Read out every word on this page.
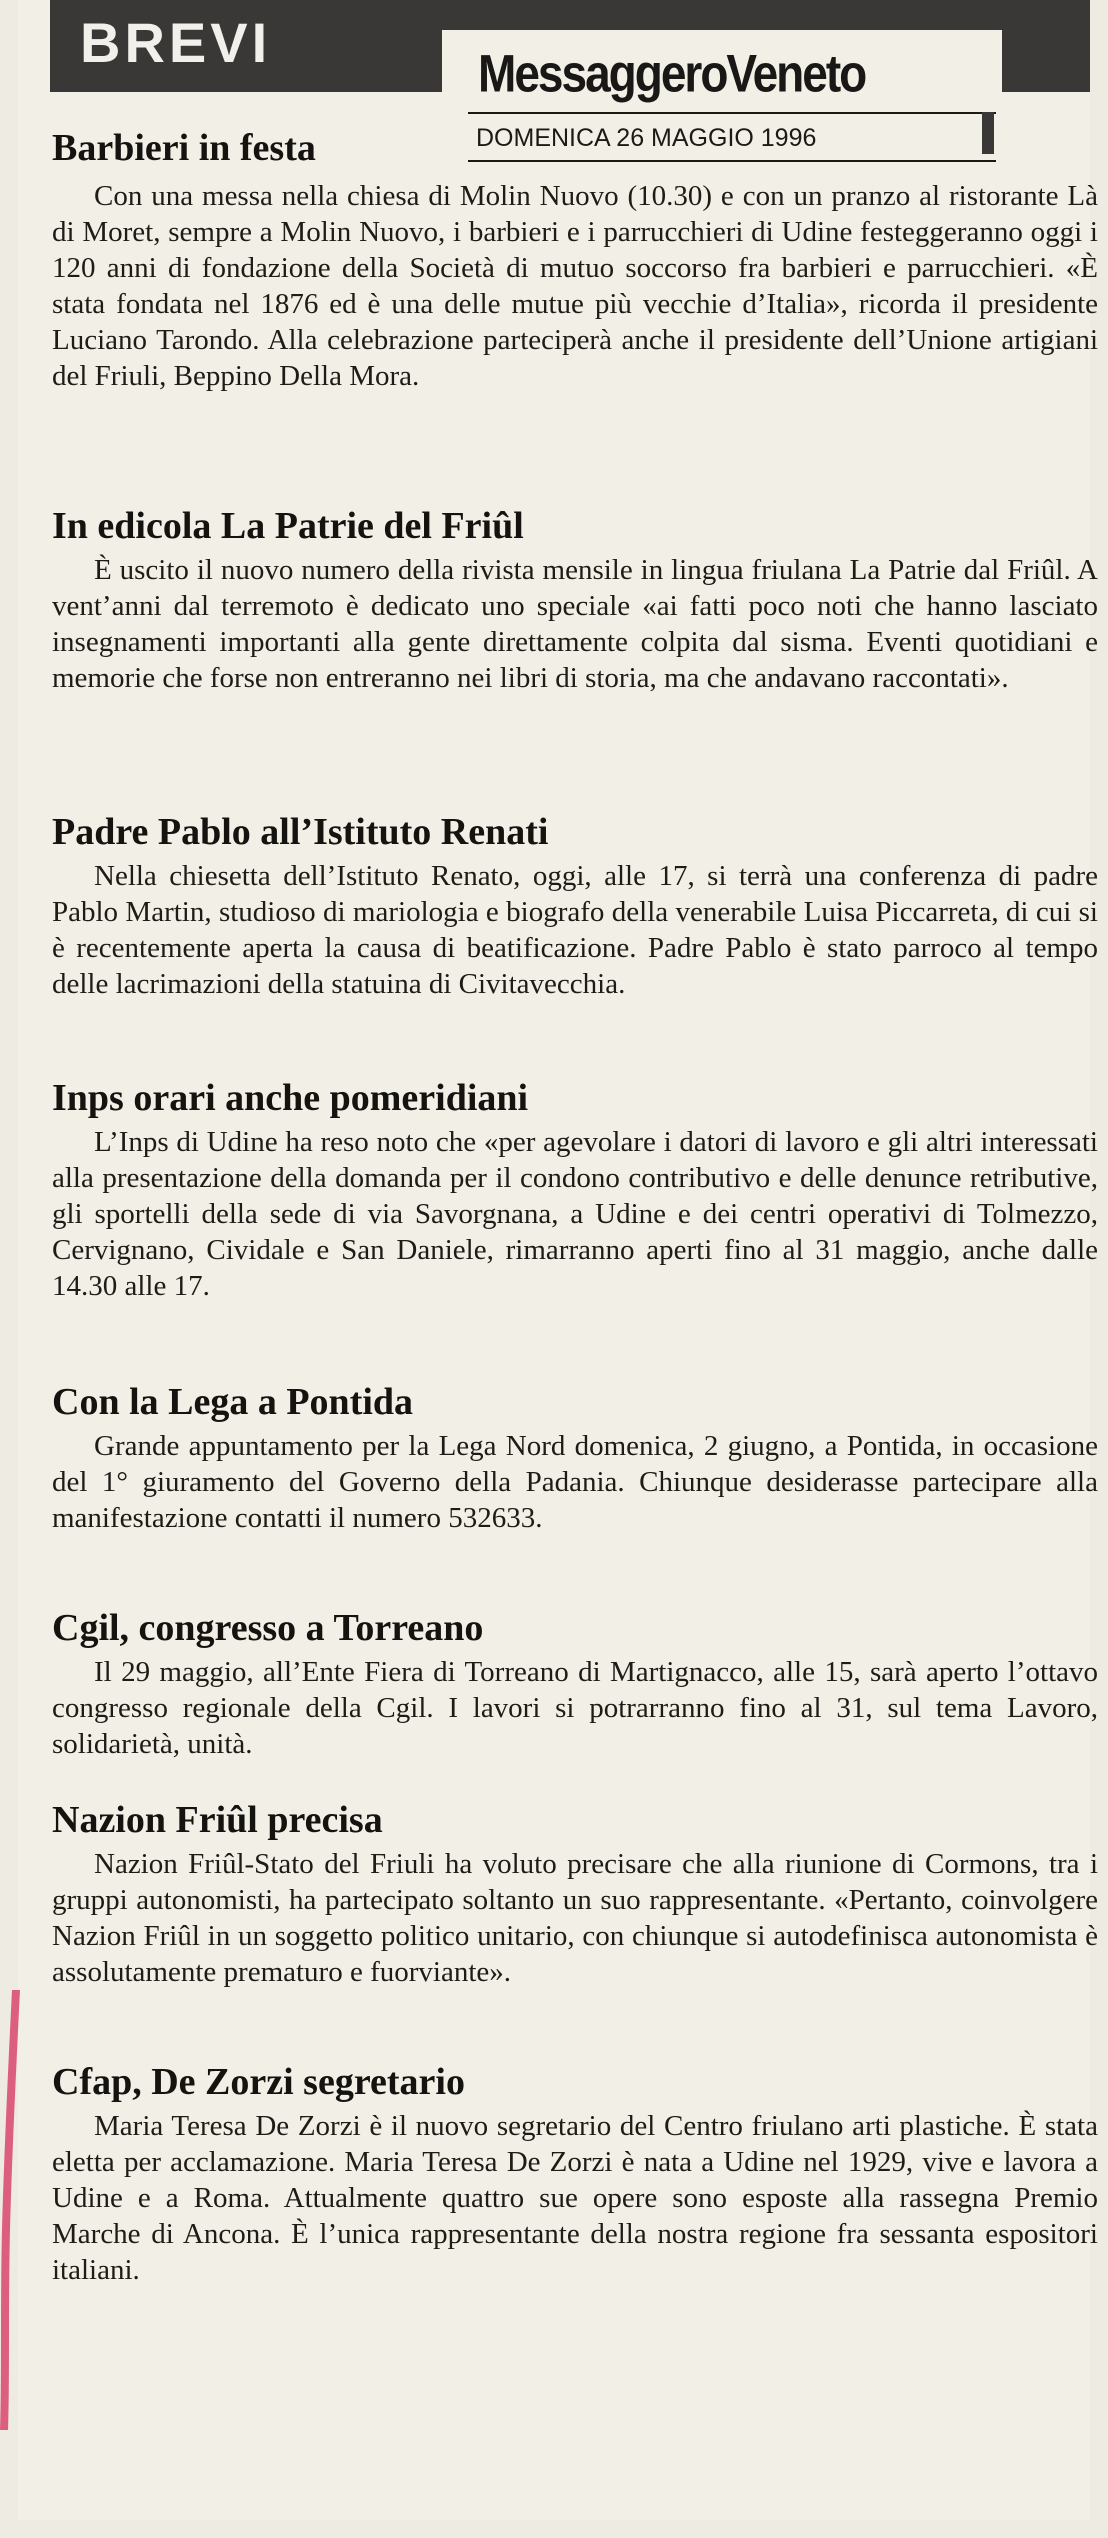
BREVI	MessaggeroVeneto
DOMENICA 26 MAGGIO 1996
Barbieri in festa

Con una messa nella chiesa di Molin Nuovo (10.30) e con un pranzo al ristorante Là di Moret, sempre a Molin Nuovo, i barbieri e i parrucchieri di Udine festeggeranno oggi i 120 anni di fondazione della Società di mutuo soccorso fra barbieri e parrucchieri. «È stata fondata nel 1876 ed è una delle mutue più vecchie d’Italia», ricorda il presidente Luciano Tarondo. Alla celebrazione parteciperà anche il presidente dell’Unione artigiani del Friuli, Beppino Della Mora.

In edicola La Patrie del Friûl

È uscito il nuovo numero della rivista mensile in lingua friulana La Patrie dal Friûl. A vent’anni dal terremoto è dedicato uno speciale «ai fatti poco noti che hanno lasciato insegnamenti importanti alla gente direttamente colpita dal sisma. Eventi quotidiani e memorie che forse non entreranno nei libri di storia, ma che andavano raccontati».

Padre Pablo all’Istituto Renati

Nella chiesetta dell’Istituto Renato, oggi, alle 17, si terrà una conferenza di padre Pablo Martin, studioso di mariologia e biografo della venerabile Luisa Piccarreta, di cui si è recentemente aperta la causa di beatificazione. Padre Pablo è stato parroco al tempo delle lacrimazioni della statuina di Civitavecchia.

Inps orari anche pomeridiani

L’Inps di Udine ha reso noto che «per agevolare i datori di lavoro e gli altri interessati alla presentazione della domanda per il condono contributivo e delle denunce retributive, gli sportelli della sede di via Savorgnana, a Udine e dei centri operativi di Tolmezzo, Cervignano, Cividale e San Daniele, rimarranno aperti fino al 31 maggio, anche dalle 14.30 alle 17.

Con la Lega a Pontida

Grande appuntamento per la Lega Nord domenica, 2 giugno, a Pontida, in occasione del 1° giuramento del Governo della Padania. Chiunque desiderasse partecipare alla manifestazione contatti il numero 532633.

Cgil, congresso a Torreano

Il 29 maggio, all’Ente Fiera di Torreano di Martignacco, alle 15, sarà aperto l’ottavo congresso regionale della Cgil. I lavori si potrarranno fino al 31, sul tema Lavoro, solidarietà, unità.

Nazion Friûl precisa

Nazion Friûl-Stato del Friuli ha voluto precisare che alla riunione di Cormons, tra i gruppi autonomisti, ha partecipato soltanto un suo rappresentante. «Pertanto, coinvolgere Nazion Friûl in un soggetto politico unitario, con chiunque si autodefinisca autonomista è assolutamente prematuro e fuorviante».

Cfap, De Zorzi segretario

Maria Teresa De Zorzi è il nuovo segretario del Centro friulano arti plastiche. È stata eletta per acclamazione. Maria Teresa De Zorzi è nata a Udine nel 1929, vive e lavora a Udine e a Roma. Attualmente quattro sue opere sono esposte alla rassegna Premio Marche di Ancona. È l’unica rappresentante della nostra regione fra sessanta espositori italiani.
